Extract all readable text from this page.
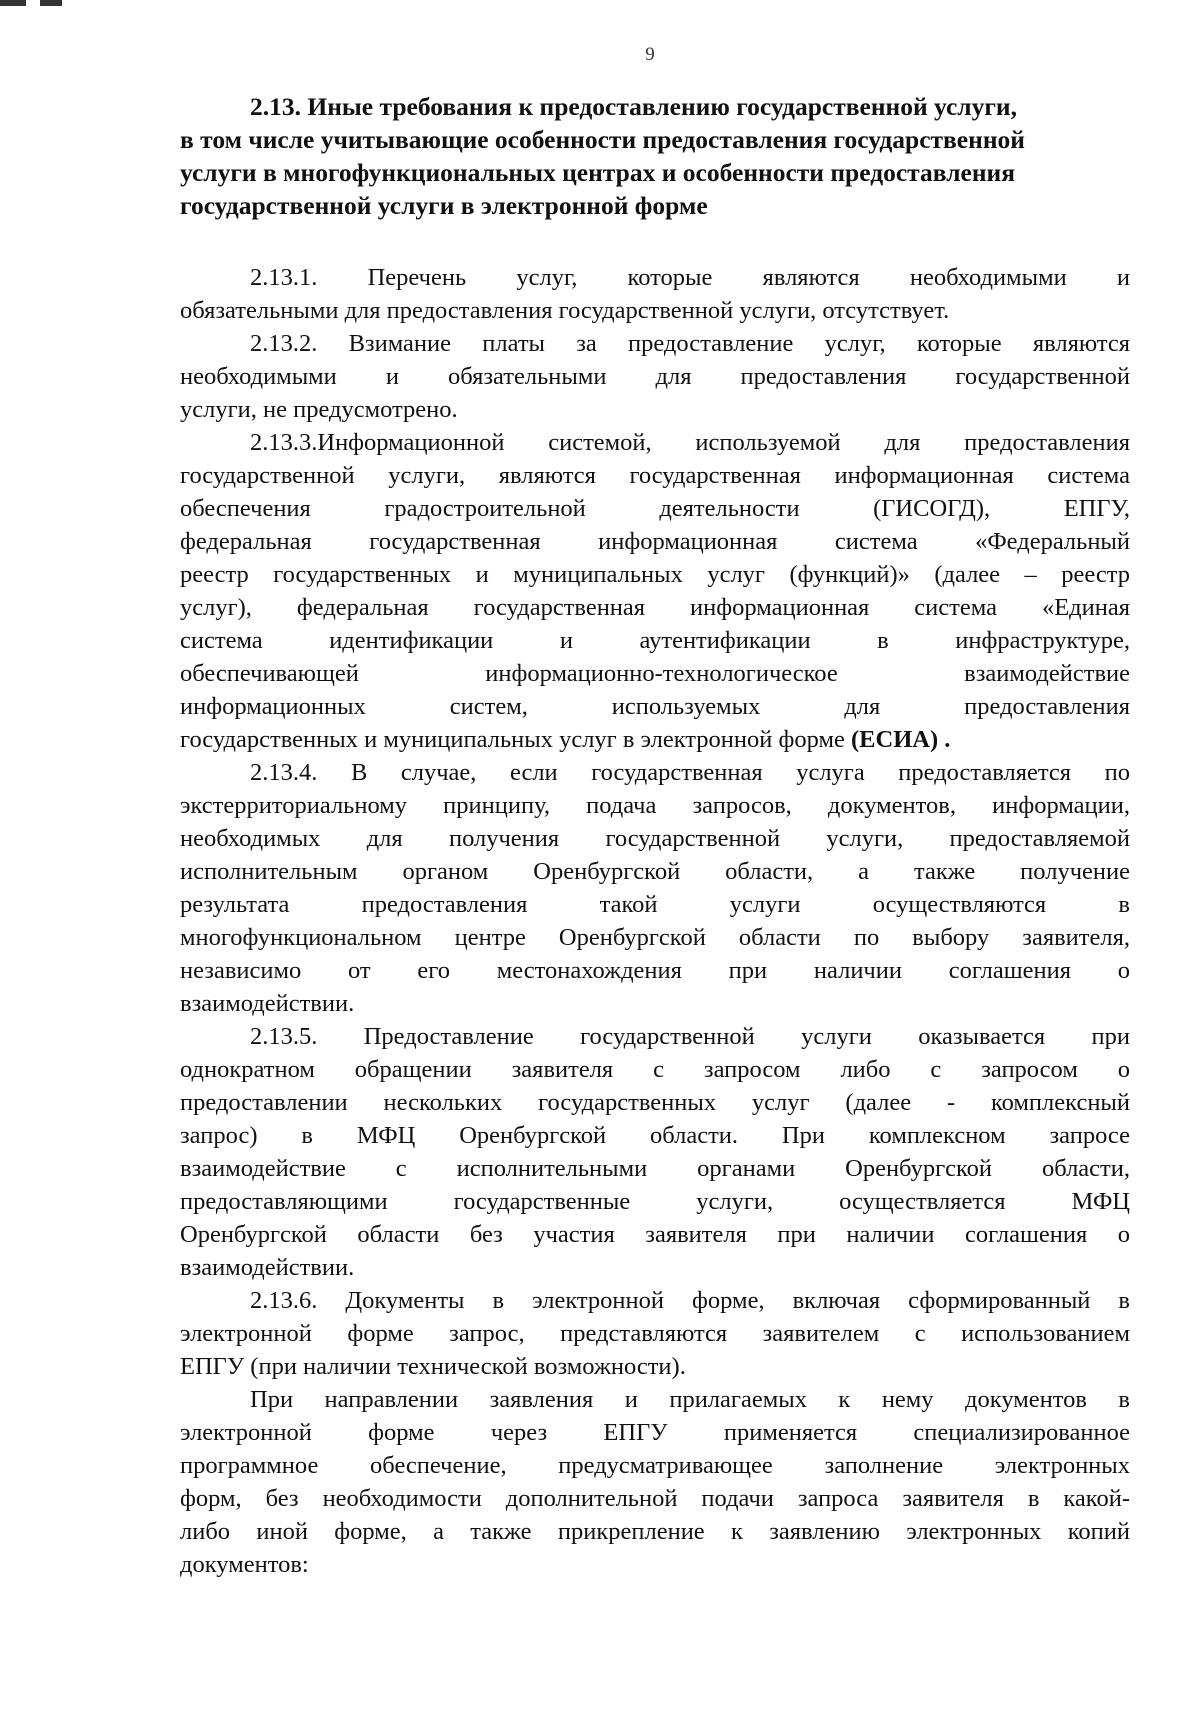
9
2.13. Иные требования к предоставлению государственной услуги,
в том числе учитывающие особенности предоставления государственной
услуги в многофункциональных центрах и особенности предоставления
государственной услуги в электронной форме
2.13.1. Перечень услуг, которые являются необходимыми и
обязательными для предоставления государственной услуги, отсутствует.
2.13.2. Взимание платы за предоставление услуг, которые являются
необходимыми и обязательными для предоставления государственной
услуги, не предусмотрено.
2.13.3.Информационной системой, используемой для предоставления
государственной услуги, являются государственная информационная система
обеспечения градостроительной деятельности (ГИСОГД), ЕПГУ,
федеральная государственная информационная система «Федеральный
реестр государственных и муниципальных услуг (функций)» (далее – реестр
услуг), федеральная государственная информационная система «Единая
система идентификации и аутентификации в инфраструктуре,
обеспечивающей информационно-технологическое взаимодействие
информационных систем, используемых для предоставления
государственных и муниципальных услуг в электронной форме (ЕСИА) .
2.13.4. В случае, если государственная услуга предоставляется по
экстерриториальному принципу, подача запросов, документов, информации,
необходимых для получения государственной услуги, предоставляемой
исполнительным органом Оренбургской области, а также получение
результата предоставления такой услуги осуществляются в
многофункциональном центре Оренбургской области по выбору заявителя,
независимо от его местонахождения при наличии соглашения о
взаимодействии.
2.13.5. Предоставление государственной услуги оказывается при
однократном обращении заявителя с запросом либо с запросом о
предоставлении нескольких государственных услуг (далее - комплексный
запрос) в МФЦ Оренбургской области. При комплексном запросе
взаимодействие с исполнительными органами Оренбургской области,
предоставляющими государственные услуги, осуществляется МФЦ
Оренбургской области без участия заявителя при наличии соглашения о
взаимодействии.
2.13.6. Документы в электронной форме, включая сформированный в
электронной форме запрос, представляются заявителем с использованием
ЕПГУ (при наличии технической возможности).
При направлении заявления и прилагаемых к нему документов в
электронной форме через ЕПГУ применяется специализированное
программное обеспечение, предусматривающее заполнение электронных
форм, без необходимости дополнительной подачи запроса заявителя в какой-
либо иной форме, а также прикрепление к заявлению электронных копий
документов:
